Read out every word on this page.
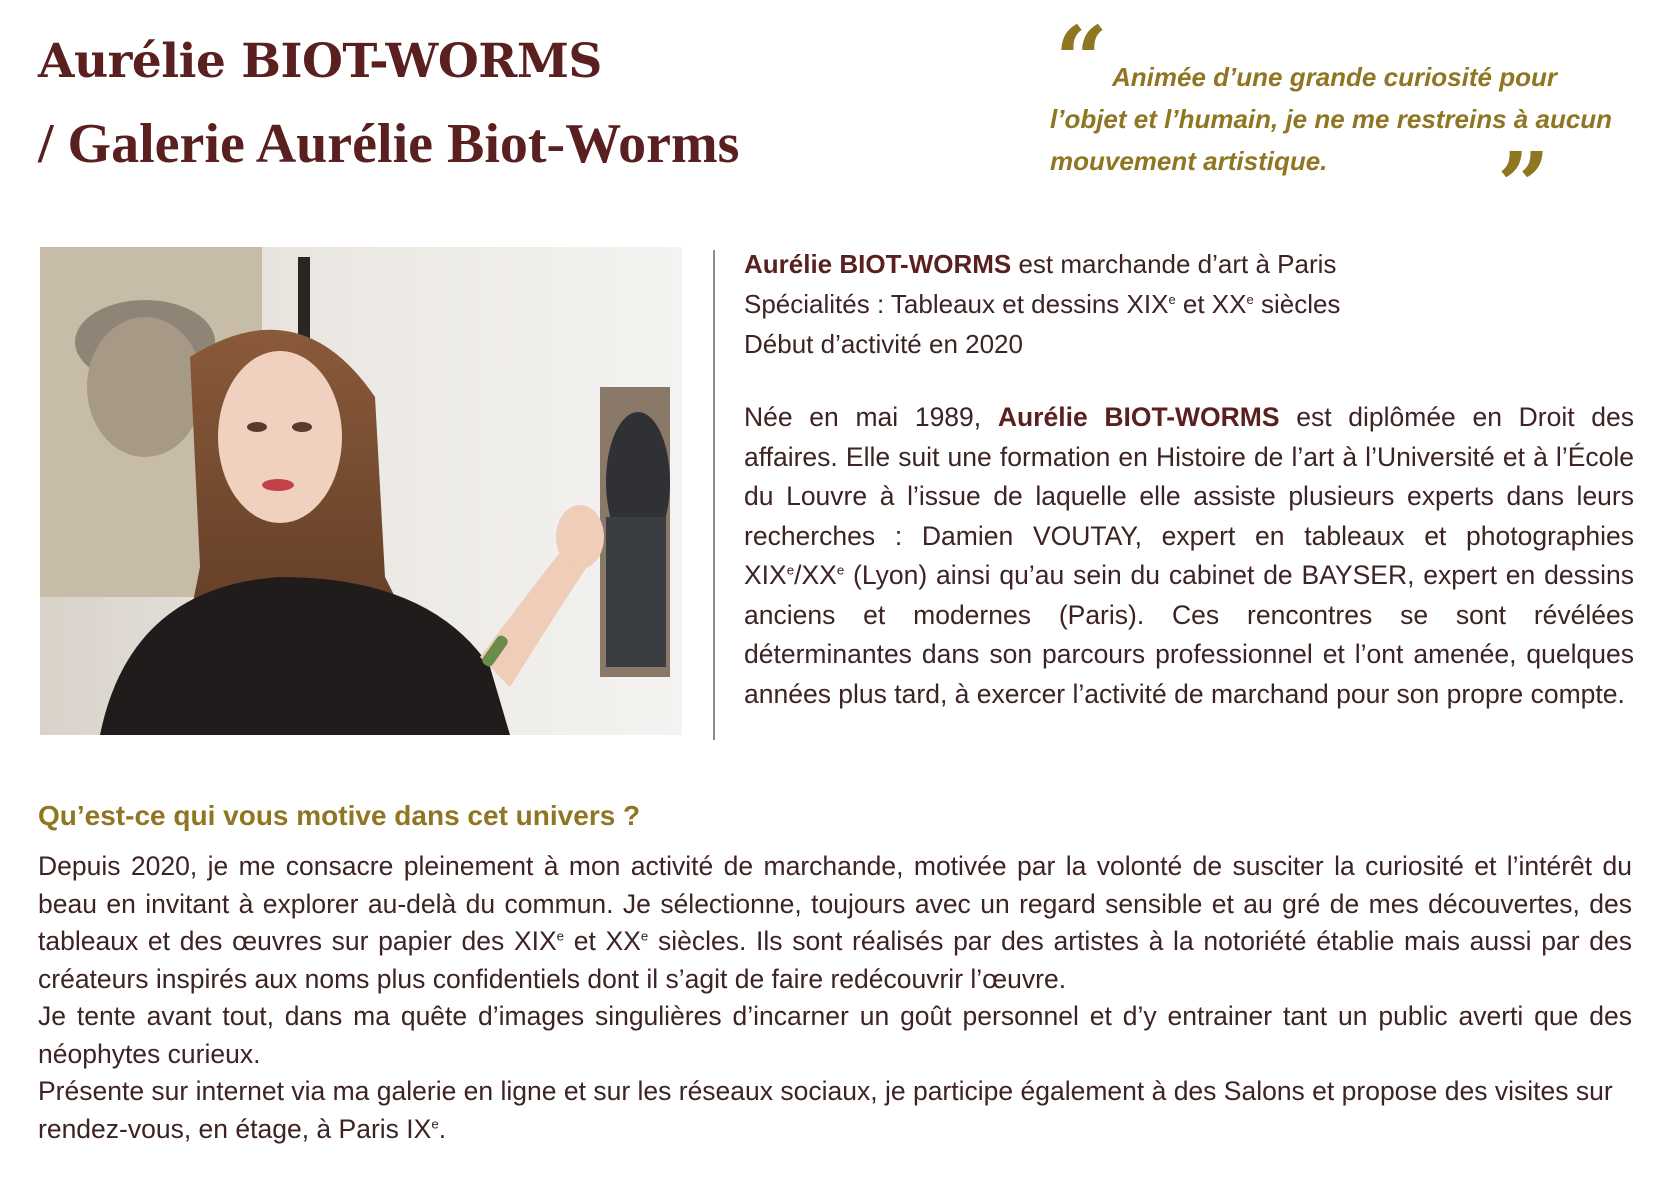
Aurélie BIOT-WORMS
/ Galerie Aurélie Biot-Worms
“ Animée d’une grande curiosité pour l’objet et l’humain, je ne me restreins à aucun mouvement artistique.	”

Aurélie BIOT-WORMS est marchande d’art à Paris
Spécialités : Tableaux et dessins XIXe et XXe siècles
Début d’activité en 2020

Née en mai 1989, Aurélie BIOT-WORMS est diplômée en Droit des affaires. Elle suit une formation en Histoire de l’art à l’Université et à l’École du Louvre à l’issue de laquelle elle assiste plusieurs experts dans leurs recherches : Damien VOUTAY, expert en tableaux et photographies XIXe/XXe (Lyon) ainsi qu’au sein du cabinet de BAYSER, expert en dessins anciens et modernes (Paris). Ces rencontres se sont révélées déterminantes dans son parcours professionnel et l’ont amenée, quelques années plus tard, à exercer l’activité de marchand pour son propre compte.

Qu’est-ce qui vous motive dans cet univers ?

Depuis 2020, je me consacre pleinement à mon activité de marchande, motivée par la volonté de susciter la curiosité et l’intérêt du beau en invitant à explorer au-delà du commun. Je sélectionne, toujours avec un regard sensible et au gré de mes découvertes, des tableaux et des œuvres sur papier des XIXe et XXe siècles. Ils sont réalisés par des artistes à la notoriété établie mais aussi par des créateurs inspirés aux noms plus confidentiels dont il s’agit de faire redécouvrir l’œuvre.

Je tente avant tout, dans ma quête d’images singulières d’incarner un goût personnel et d’y entrainer tant un public averti que des néophytes curieux.

Présente sur internet via ma galerie en ligne et sur les réseaux sociaux, je participe également à des Salons et propose des visites sur rendez-vous, en étage, à Paris IXe.
